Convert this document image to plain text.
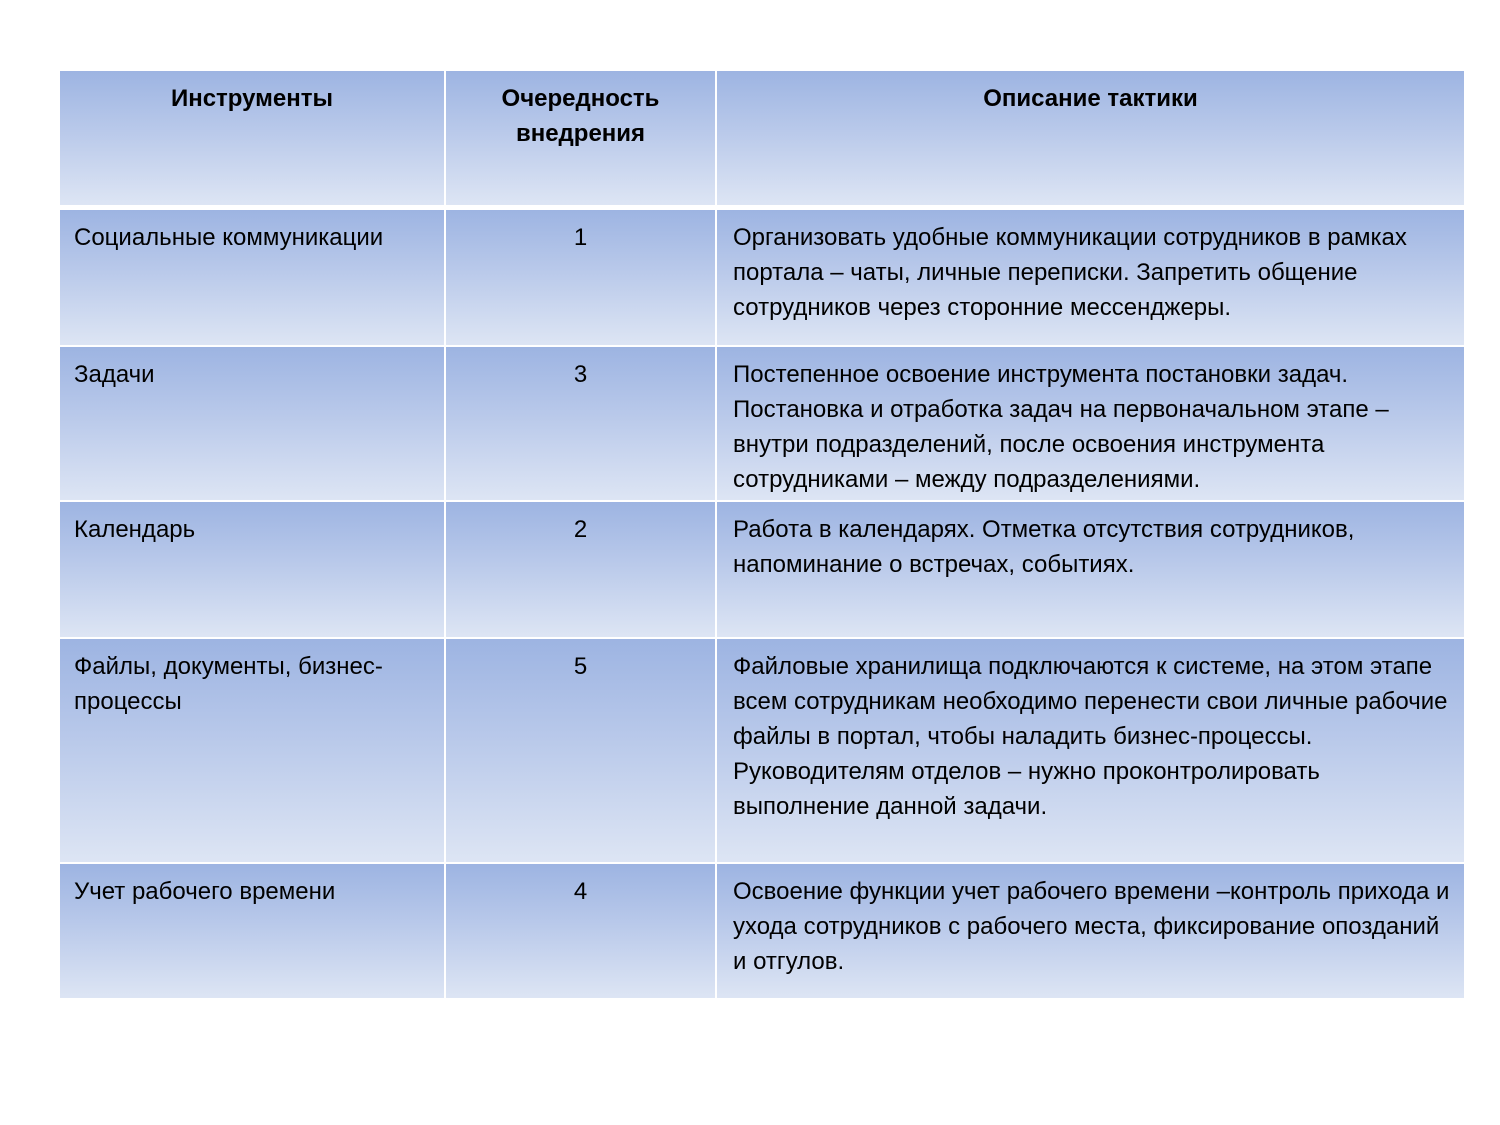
Инструменты	Очередность внедрения	Описание тактики
Социальные коммуникации	1	Организовать удобные коммуникации сотрудников в рамках портала – чаты, личные переписки. Запретить общение сотрудников через сторонние мессенджеры.
Задачи	3	Постепенное освоение инструмента постановки задач. Постановка и отработка задач на первоначальном этапе – внутри подразделений, после освоения инструмента сотрудниками – между подразделениями.
Календарь	2	Работа в календарях. Отметка отсутствия сотрудников, напоминание о встречах, событиях.
Файлы, документы, бизнес-процессы	5	Файловые хранилища подключаются к системе, на этом этапе всем сотрудникам необходимо перенести свои личные рабочие файлы в портал, чтобы наладить бизнес-процессы. Руководителям отделов – нужно проконтролировать выполнение данной задачи.
Учет рабочего времени	4	Освоение функции учет рабочего времени –контроль прихода и ухода сотрудников с рабочего места, фиксирование опозданий и отгулов.
